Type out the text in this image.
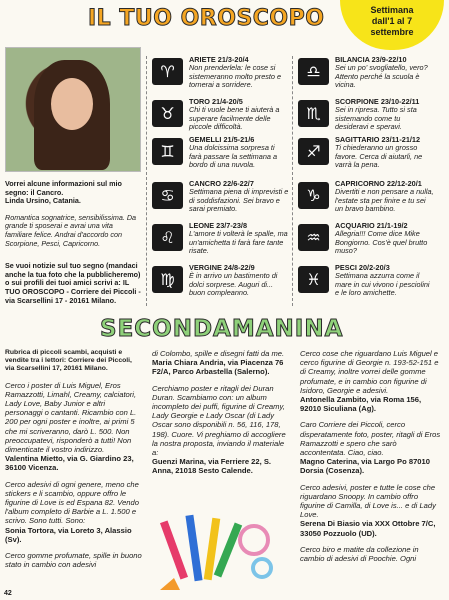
IL TUO OROSCOPO	Settimana
dall'1 al 7
settembre

Vorrei alcune informazioni sul mio segno: il Cancro.
Linda Ursino, Catania.

Romantica sognatrice, sensibilissima. Da grande ti sposerai e avrai una vita familiare felice. Andrai d'accordo con Scorpione, Pesci, Capricorno.

Se vuoi notizie sul tuo segno (mandaci anche la tua foto che la pubblicheremo) o sui profili dei tuoi amici scrivi a: IL TUO OROSCOPO - Corriere dei Piccoli - via Scarsellini 17 - 20161 Milano.

♈
ARIETE 21/3-20/4
Non prenderlela: le cose si sistemeranno molto presto e tornerai a sorridere.
♉
TORO 21/4-20/5
Chi ti vuole bene ti aiuterà a superare facilmente delle piccole difficoltà.
♊
GEMELLI 21/5-21/6
Una dolcissima sorpresa ti farà passare la settimana a bordo di una nuvola.
♋
CANCRO 22/6-22/7
Settimana piena di imprevisti e di soddisfazioni. Sei bravo e sarai premiato.
♌
LEONE 23/7-23/8
L'amore ti volterà le spalle, ma un'amichetta ti farà fare tante risate.
♍
VERGINE 24/8-22/9
È in arrivo un bastimento di dolci sorprese. Auguri di... buon compleanno.
♎
BILANCIA 23/9-22/10
Sei un po' svogliatello, vero? Attento perché la scuola è vicina.
♏
SCORPIONE 23/10-22/11
Sei in ripresa. Tutto si sta sistemando come tu desideravi e speravi.
♐
SAGITTARIO 23/11-21/12
Ti chiederanno un grosso favore. Cerca di aiutarli, ne varrà la pena.
♑
CAPRICORNO 22/12-20/1
Divertiti e non pensare a nulla, l'estate sta per finire e tu sei un bravo bambino.
♒
ACQUARIO 21/1-19/2
Allegria!!! Come dice Mike Bongiorno. Cos'è quel brutto muso?
♓
PESCI 20/2-20/3
Settimana azzurra come il mare in cui vivono i pesciolini e le loro amichette.
SECONDAMANINA

Rubrica di piccoli scambi, acquisti e vendite tra i lettori: Corriere dei Piccoli, via Scarsellini 17, 20161 Milano.

Cerco i poster di Luis Miguel, Eros Ramazzotti, Limahl, Creamy, calciatori, Lady Love, Baby Junior e altri personaggi o cantanti. Ricambio con L. 200 per ogni poster e inoltre, ai primi 5 che mi scriveranno, darò L. 500. Non preoccupatevi, risponderò a tutti! Non dimenticate il vostro indirizzo.
Valentina Mietto, via G. Giardino 23, 36100 Vicenza.

Cerco adesivi di ogni genere, meno che stickers e li scambio, oppure offro le figurine di Love is ed Espana 82. Vendo l'album completo di Barbie a L. 1.500 e scrivo. Sono tutti. Sono:
Sonia Tortora, via Loreto 3, Alassio (Sv).

Cerco gomme profumate, spille in buono stato in cambio con adesivi

di Colombo, spille e disegni fatti da me.
Maria Chiara Andria, via Piacenza 76 F2/A, Parco Arbastella (Salerno).

Cerchiamo poster e ritagli dei Duran Duran. Scambiamo con: un album incompleto dei puffi, figurine di Creamy, Lady Georgie e Lady Oscar (di Lady Oscar sono disponibili n. 56, 116, 178, 198). Cuore. Vi preghiamo di accogliere la nostra proposta, inviando il materiale a:
Guenzi Marina, via Ferriere 22, S. Anna, 21018 Sesto Calende.

Cerco cose che riguardano Luis Miguel e cerco figurine di Georgie n. 193-52-151 e di Creamy, inoltre vorrei delle gomme profumate, e in cambio con figurine di Isidoro, Georgie e adesivi.
Antonella Zambito, via Roma 156, 92010 Siculiana (Ag).

Caro Corriere dei Piccoli, cerco disperatamente foto, poster, ritagli di Eros Ramazzotti e spero che sarò accontentata. Ciao, ciao.
Magno Caterina, via Largo Po 87010 Dorsia (Cosenza).

Cerco adesivi, poster e tutte le cose che riguardano Snoopy. In cambio offro figurine di Camilla, di Love is... e di Lady Love.
Serena Di Biasio via XXX Ottobre 7/C, 33050 Pozzuolo (UD).

Cerco biro e matite da collezione in cambio di adesivi di Poochie. Ogni

42
